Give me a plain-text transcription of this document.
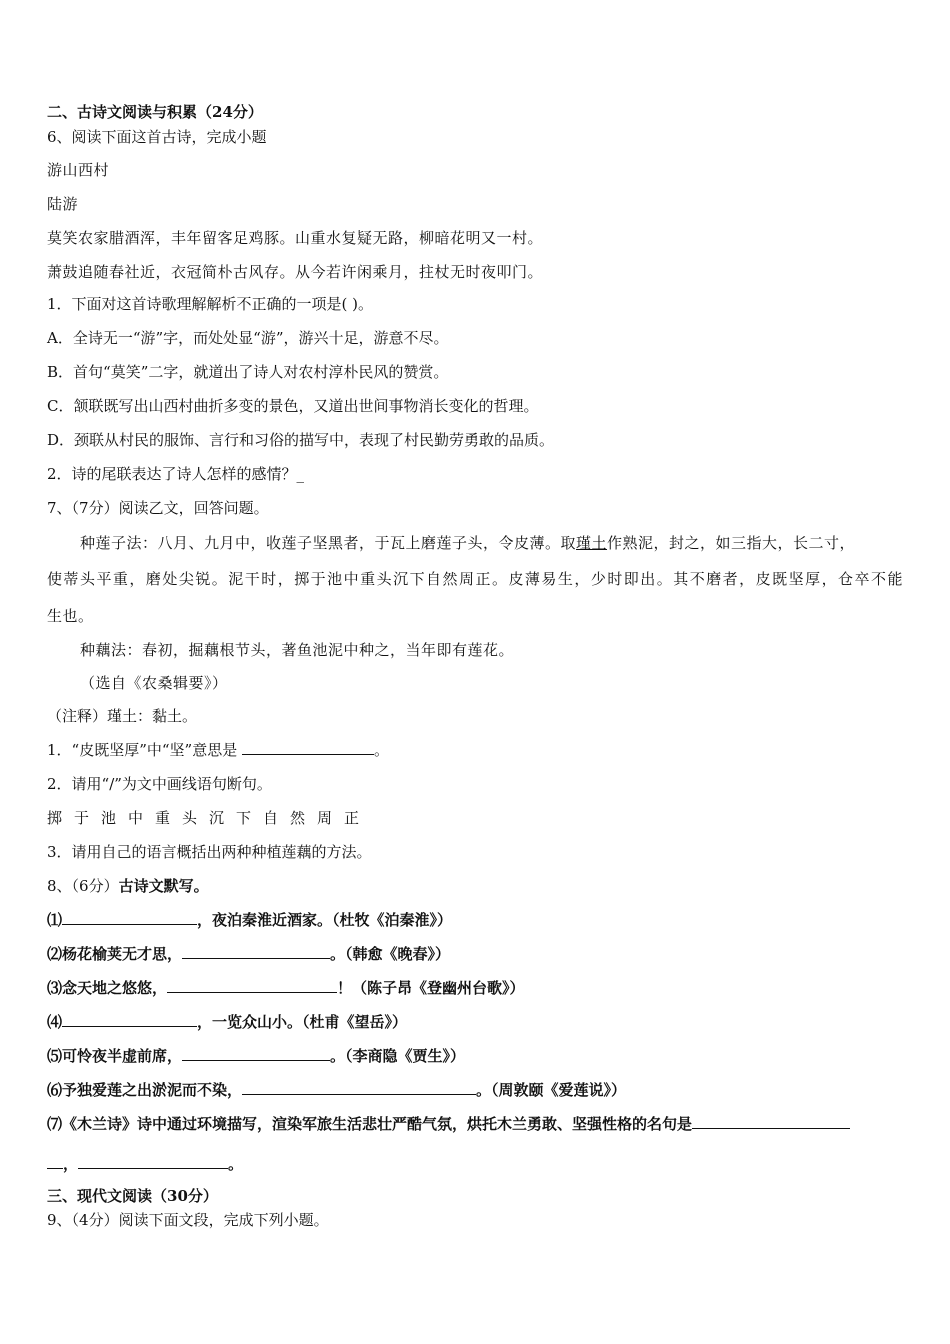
二、古诗文阅读与积累（24分）
6、阅读下面这首古诗，完成小题
游山西村
陆游
莫笑农家腊酒浑，丰年留客足鸡豚。山重水复疑无路，柳暗花明又一村。
萧鼓追随春社近，衣冠简朴古风存。从今若许闲乘月，拄杖无时夜叩门。
1．下面对这首诗歌理解解析不正确的一项是( )。
A．全诗无一“游”字，而处处显“游”，游兴十足，游意不尽。
B．首句“莫笑”二字，就道出了诗人对农村淳朴民风的赞赏。
C．颔联既写出山西村曲折多变的景色，又道出世间事物消长变化的哲理。
D．颈联从村民的服饰、言行和习俗的描写中，表现了村民勤劳勇敢的品质。
2．诗的尾联表达了诗人怎样的感情？_
7、（7分）阅读乙文，回答问题。
种莲子法：八月、九月中，收莲子坚黑者，于瓦上磨莲子头，令皮薄。取瑾土作熟泥，封之，如三指大，长二寸，
使蒂头平重，磨处尖锐。泥干时，掷于池中重头沉下自然周正。皮薄易生，少时即出。其不磨者，皮既坚厚，仓卒不能
生也。
种藕法：春初，掘藕根节头，著鱼池泥中种之，当年即有莲花。
（选自《农桑辑要》）
（注释）瑾土：黏土。
1．“皮既坚厚”中“坚”意思是	。
2．请用“/”为文中画线语句断句。
掷于池中重头沉下自然周正
3．请用自己的语言概括出两种种植莲藕的方法。
8、（6分）古诗文默写。
⑴	，夜泊秦淮近酒家。（杜牧《泊秦淮》）
⑵杨花榆荚无才思，	。（韩愈《晚春》）
⑶念天地之悠悠，	！（陈子昂《登幽州台歌》）
⑷	，一览众山小。（杜甫《望岳》）
⑸可怜夜半虚前席，	。（李商隐《贾生》）
⑹予独爱莲之出淤泥而不染，	。（周敦颐《爱莲说》）
⑺《木兰诗》诗中通过环境描写，渲染军旅生活悲壮严酷气氛，烘托木兰勇敢、坚强性格的名句是
，	。
三、现代文阅读（30分）
9、（4分）阅读下面文段，完成下列小题。
